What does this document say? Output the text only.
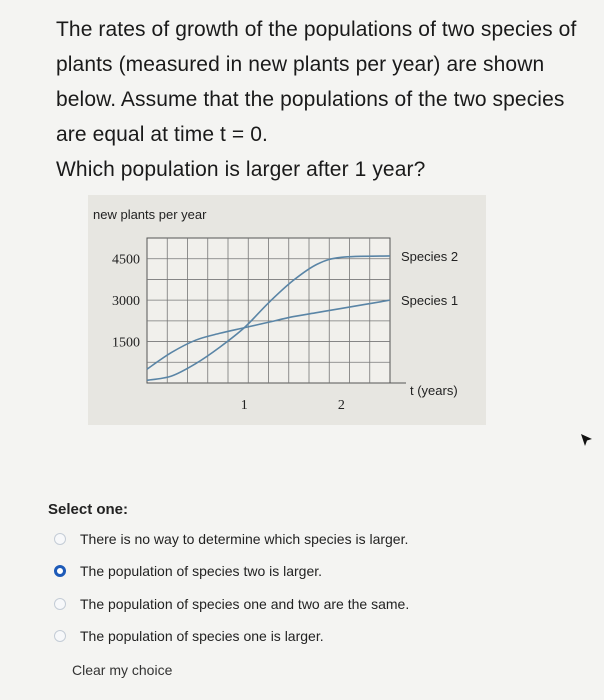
The rates of growth of the populations of two species of plants (measured in new plants per year) are shown below. Assume that the populations of the two species are equal at time t = 0.

Which population is larger after 1 year?

4500
3000
1500
1	2
new plants per year
t (years)
Species 2
Species 1
Select one:
There is no way to determine which species is larger.
The population of species two is larger.
The population of species one and two are the same.
The population of species one is larger.
Clear my choice
